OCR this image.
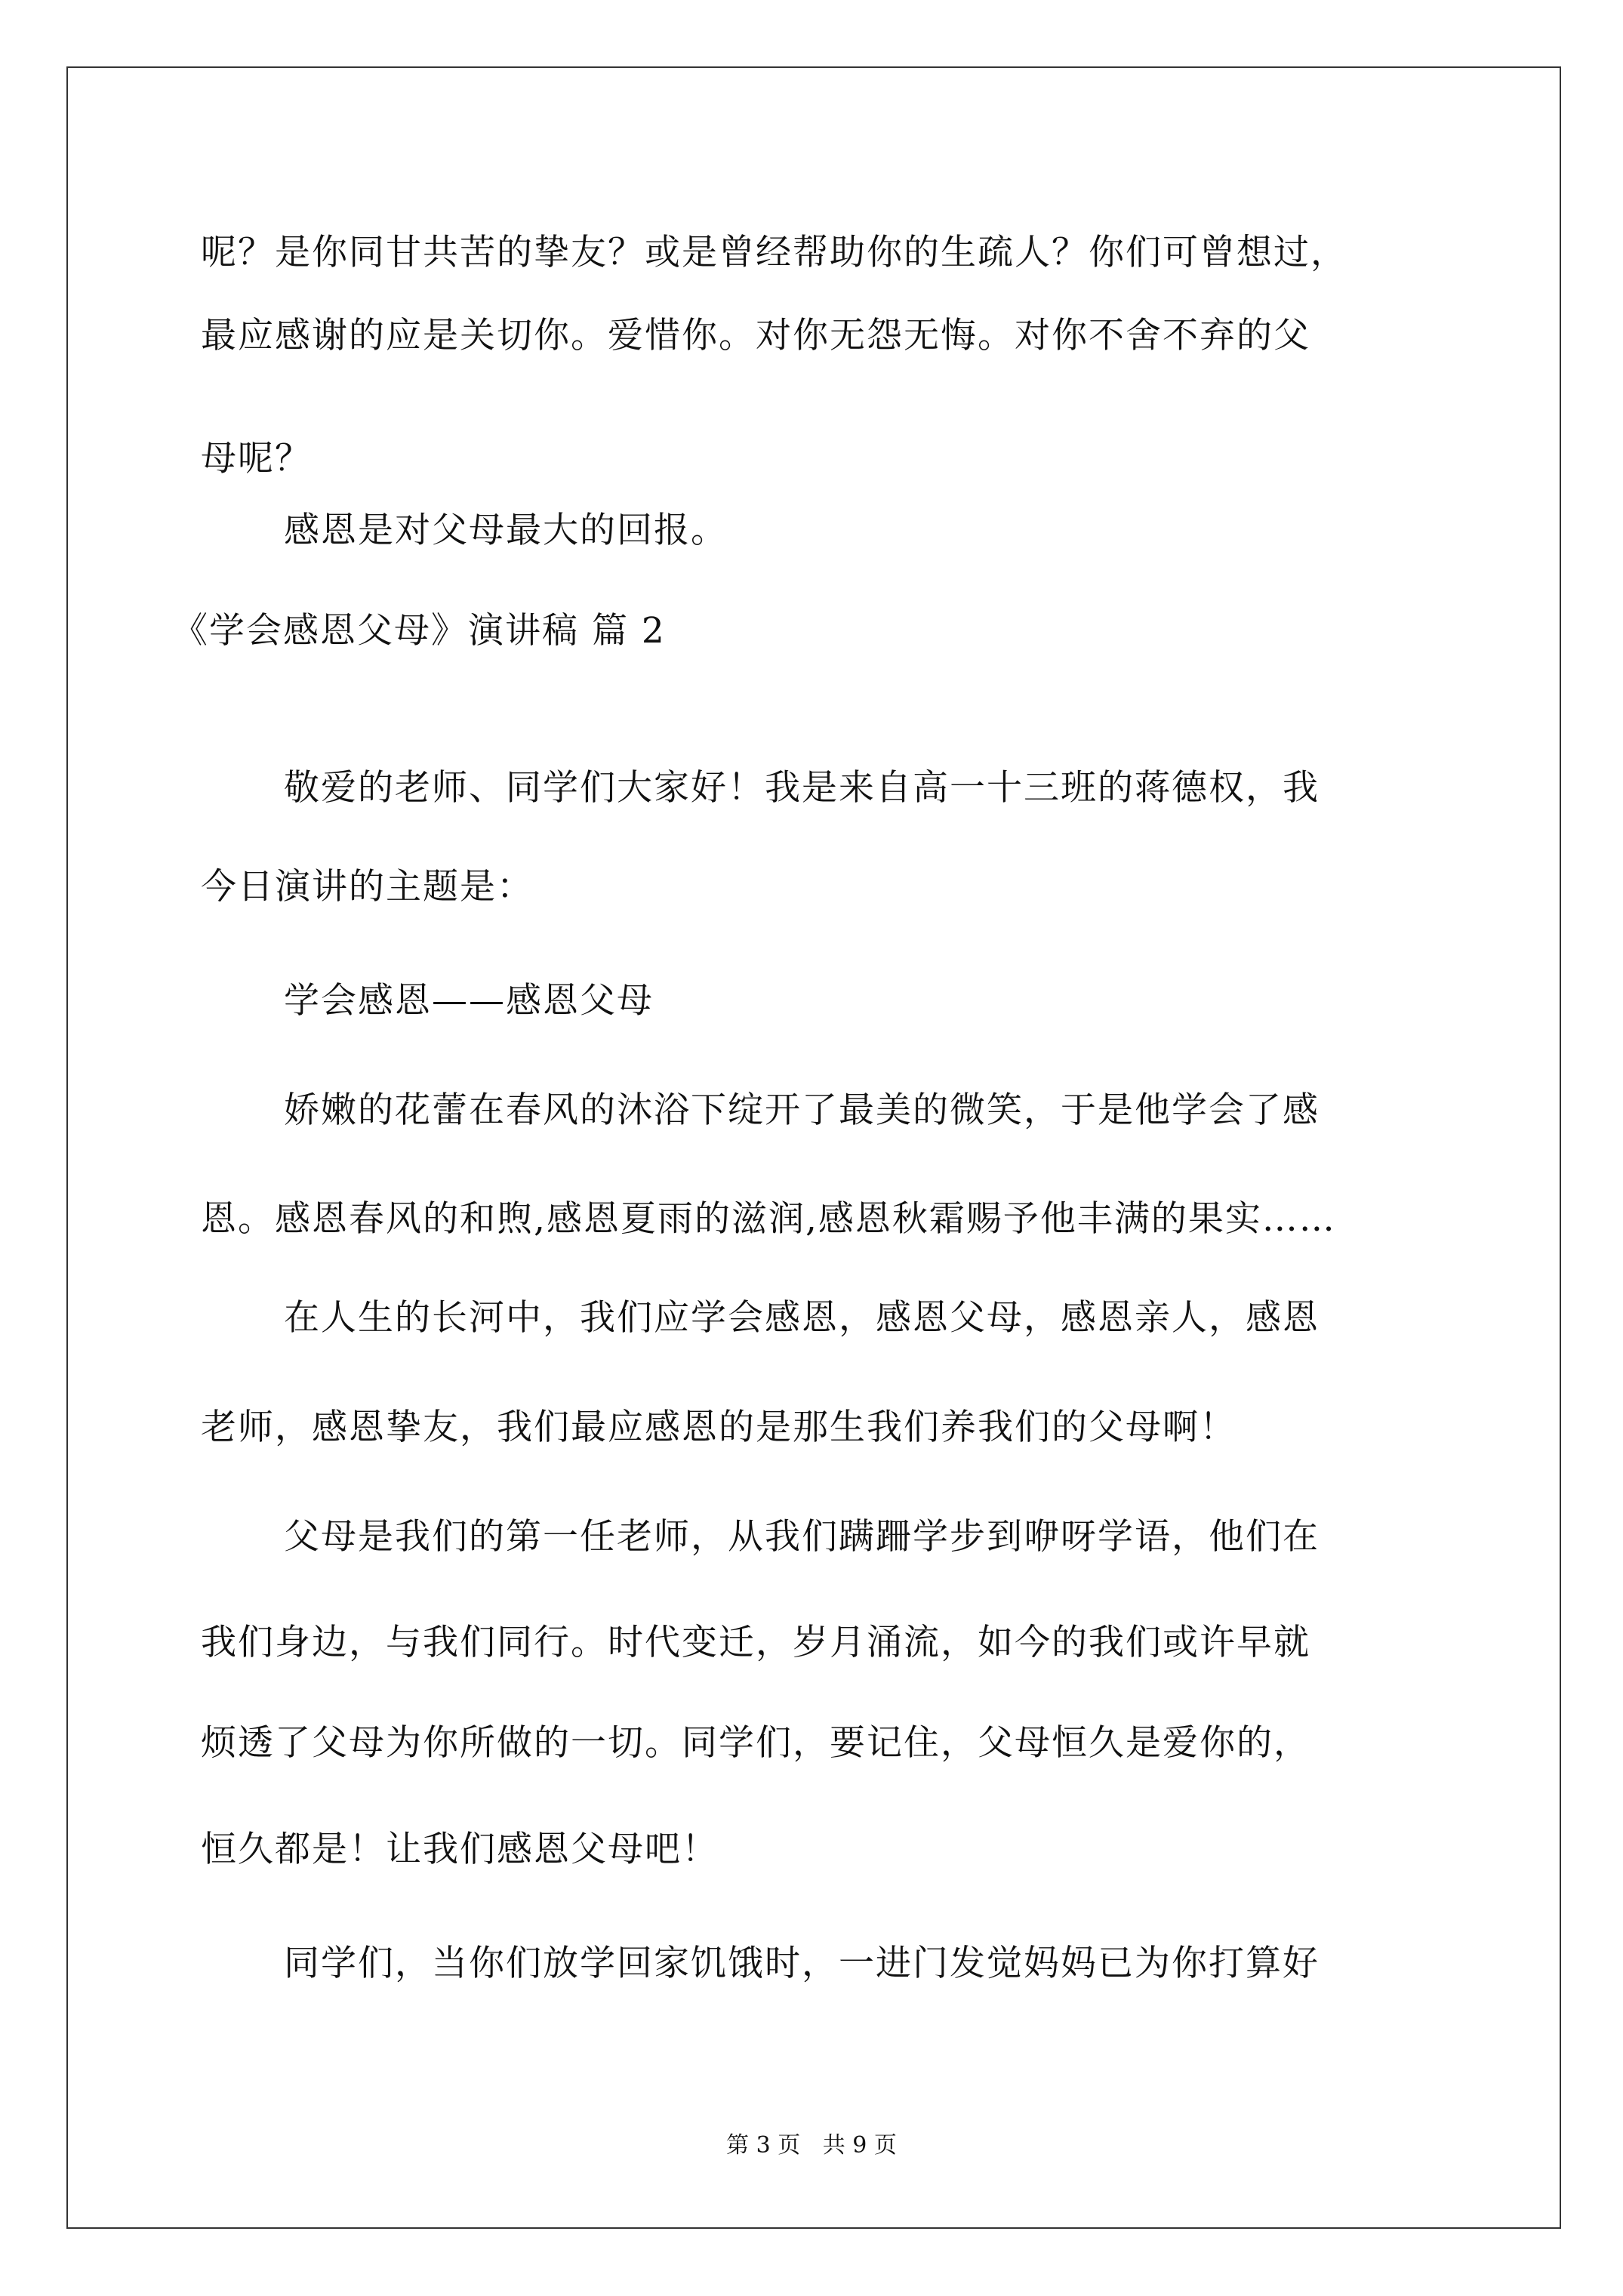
呢？是你同甘共苦的挚友？或是曾经帮助你的生疏人？你们可曾想过，
最应感谢的应是关切你。爱惜你。对你无怨无悔。对你不舍不弃的父
母呢？
感恩是对父母最大的回报。
《学会感恩父母》演讲稿 篇 2
敬爱的老师、同学们大家好！我是来自高一十三班的蒋德权，我
今日演讲的主题是：
学会感恩——感恩父母
娇嫩的花蕾在春风的沐浴下绽开了最美的微笑，于是他学会了感
恩。感恩春风的和煦,感恩夏雨的滋润,感恩秋霜赐予他丰满的果实……
在人生的长河中，我们应学会感恩，感恩父母，感恩亲人，感恩
老师，感恩挚友，我们最应感恩的是那生我们养我们的父母啊！
父母是我们的第一任老师，从我们蹒跚学步到咿呀学语，他们在
我们身边，与我们同行。时代变迁，岁月涌流，如今的我们或许早就
烦透了父母为你所做的一切。同学们，要记住，父母恒久是爱你的，
恒久都是！让我们感恩父母吧！
同学们，当你们放学回家饥饿时，一进门发觉妈妈已为你打算好
第 3 页 共 9 页
